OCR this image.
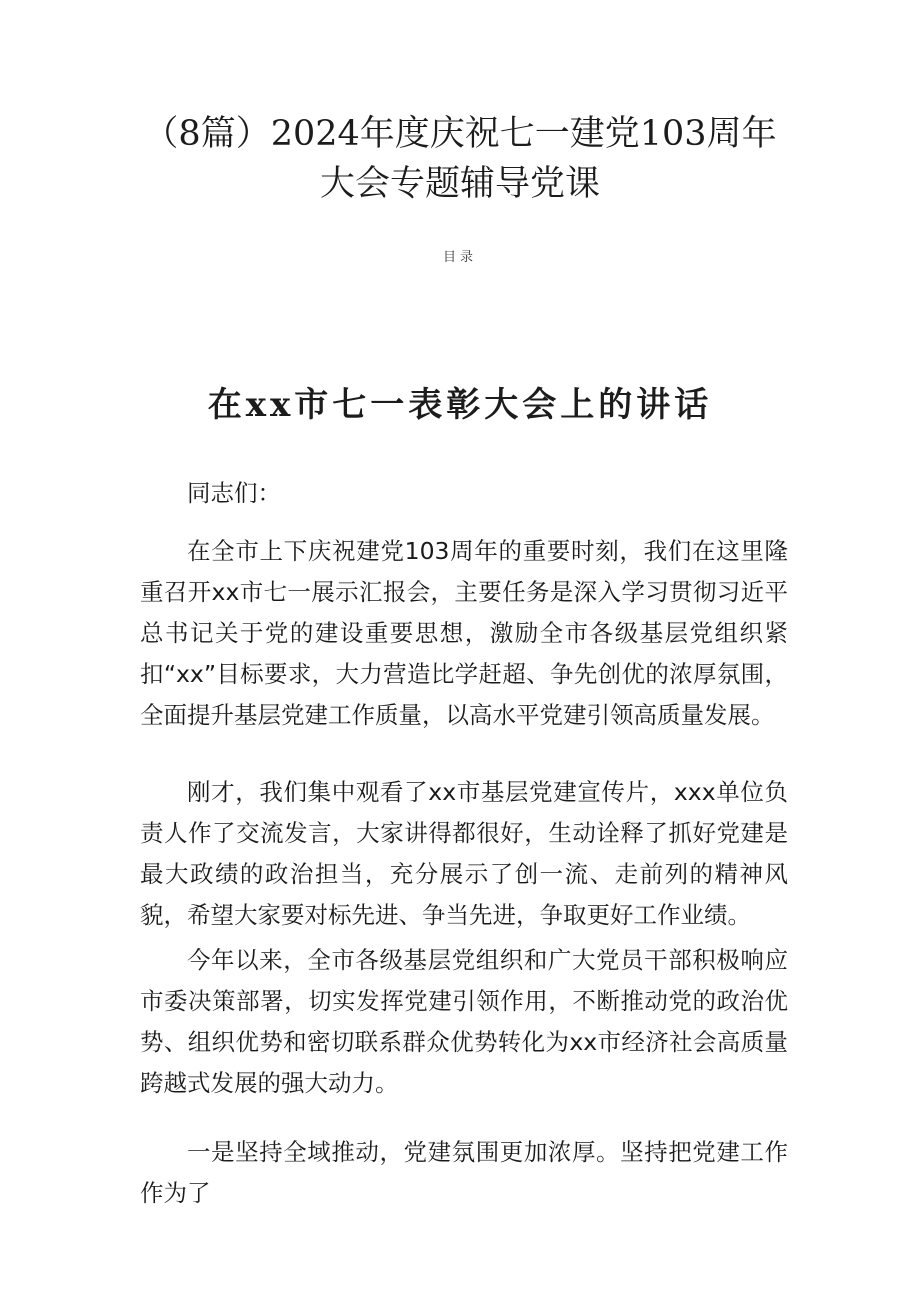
（8篇）2024年度庆祝七一建党103周年
大会专题辅导党课
目录
在xx市七一表彰大会上的讲话

同志们：

在全市上下庆祝建党103周年的重要时刻，我们在这里隆重召开xx市七一展示汇报会，主要任务是深入学习贯彻习近平总书记关于党的建设重要思想，激励全市各级基层党组织紧扣“xx”目标要求，大力营造比学赶超、争先创优的浓厚氛围，全面提升基层党建工作质量，以高水平党建引领高质量发展。

刚才，我们集中观看了xx市基层党建宣传片，xxx单位负责人作了交流发言，大家讲得都很好，生动诠释了抓好党建是最大政绩的政治担当，充分展示了创一流、走前列的精神风貌，希望大家要对标先进、争当先进，争取更好工作业绩。

今年以来，全市各级基层党组织和广大党员干部积极响应市委决策部署，切实发挥党建引领作用，不断推动党的政治优势、组织优势和密切联系群众优势转化为xx市经济社会高质量跨越式发展的强大动力。

一是坚持全域推动，党建氛围更加浓厚。坚持把党建工作作为了
